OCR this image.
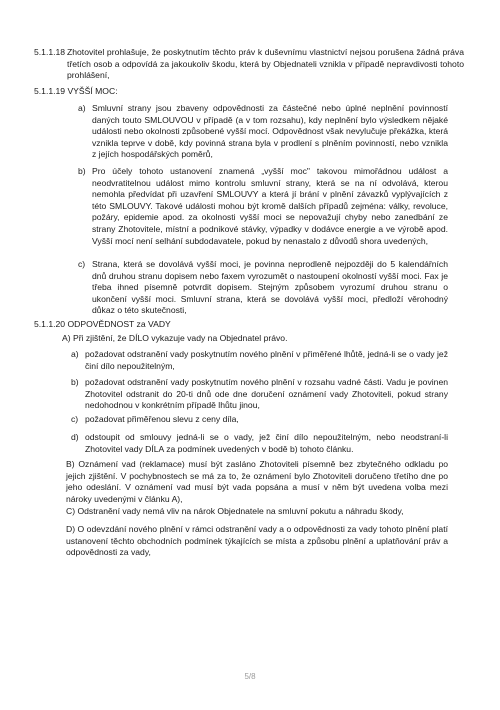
5.1.1.18 Zhotovitel prohlašuje, že poskytnutím těchto práv k duševnímu vlastnictví nejsou porušena žádná práva třetích osob a odpovídá za jakoukoliv škodu, která by Objednateli vznikla v případě nepravdivosti tohoto prohlášení,
5.1.1.19 VYŠŠÍ MOC:
a) Smluvní strany jsou zbaveny odpovědnosti za částečné nebo úplné neplnění povinností daných touto SMLOUVOU v případě (a v tom rozsahu), kdy neplnění bylo výsledkem nějaké události nebo okolnosti způsobené vyšší mocí. Odpovědnost však nevylučuje překážka, která vznikla teprve v době, kdy povinná strana byla v prodlení s plněním povinností, nebo vznikla z jejích hospodářských poměrů,
b) Pro účely tohoto ustanovení znamená „vyšší moc" takovou mimořádnou událost a neodvratitelnou událost mimo kontrolu smluvní strany, která se na ní odvolává, kterou nemohla předvídat při uzavření SMLOUVY a která jí brání v plnění závazků vyplývajících z této SMLOUVY. Takové události mohou být kromě dalších případů zejména: války, revoluce, požáry, epidemie apod. za okolnosti vyšší moci se nepovažují chyby nebo zanedbání ze strany Zhotovitele, místní a podnikové stávky, výpadky v dodávce energie a ve výrobě apod. Vyšší mocí není selhání subdodavatele, pokud by nenastalo z důvodů shora uvedených,
c) Strana, která se dovolává vyšší moci, je povinna neprodleně nejpozději do 5 kalendářních dnů druhou stranu dopisem nebo faxem vyrozumět o nastoupení okolností vyšší moci. Fax je třeba ihned písemně potvrdit dopisem. Stejným způsobem vyrozumí druhou stranu o ukončení vyšší moci. Smluvní strana, která se dovolává vyšší moci, předloží věrohodný důkaz o této skutečnosti,
5.1.1.20 ODPOVĚDNOST za VADY
A) Při zjištění, že DÍLO vykazuje vady na Objednatel právo.
a) požadovat odstranění vady poskytnutím nového plnění v přiměřené lhůtě, jedná-li se o vady jež činí dílo nepoužitelným,
b) požadovat odstranění vady poskytnutím nového plnění v rozsahu vadné části. Vadu je povinen Zhotovitel odstranit do 20-ti dnů ode dne doručení oznámení vady Zhotoviteli, pokud strany nedohodnou v konkrétním případě lhůtu jinou,
c) požadovat přiměřenou slevu z ceny díla,
d) odstoupit od smlouvy jedná-li se o vady, jež činí dílo nepoužitelným, nebo neodstraní-li Zhotovitel vady DÍLA za podmínek uvedených v bodě b) tohoto článku.
B) Oznámení vad (reklamace) musí být zasláno Zhotoviteli písemně bez zbytečného odkladu po jejich zjištění. V pochybnostech se má za to, že oznámení bylo Zhotoviteli doručeno třetího dne po jeho odeslání. V oznámení vad musí být vada popsána a musí v něm být uvedena volba mezi nároky uvedenými v článku A),
C) Odstranění vady nemá vliv na nárok Objednatele na smluvní pokutu a náhradu škody,
D) O odevzdání nového plnění v rámci odstranění vady a o odpovědnosti za vady tohoto plnění platí ustanovení těchto obchodních podmínek týkajících se místa a způsobu plnění a uplatňování práv a odpovědnosti za vady,
5/8
